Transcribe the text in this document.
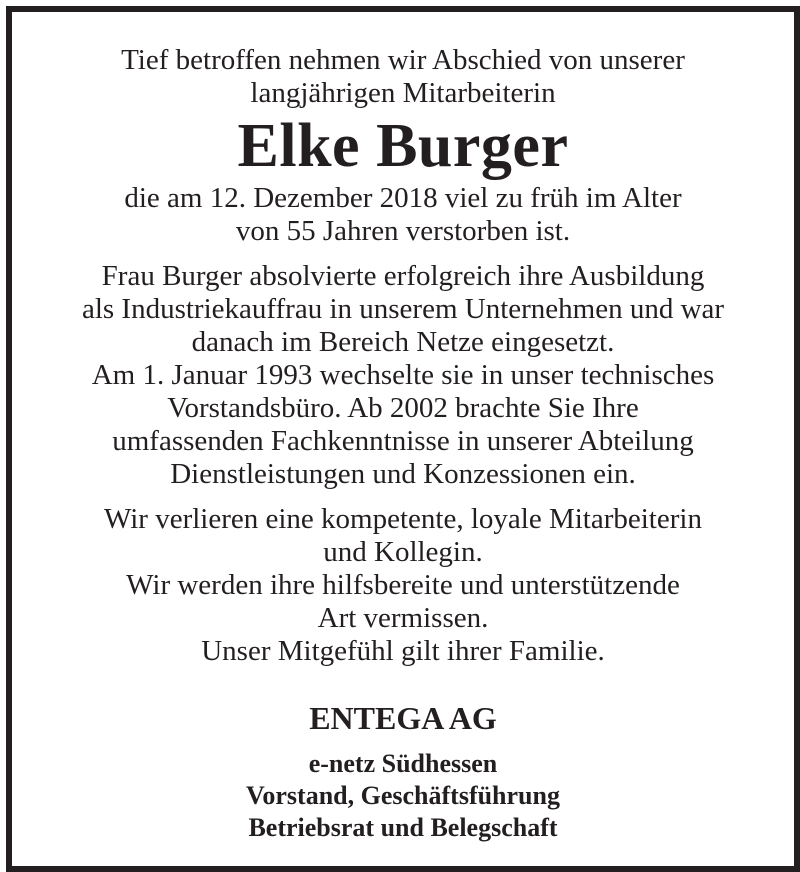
Tief betroffen nehmen wir Abschied von unserer
langjährigen Mitarbeiterin
Elke Burger
die am 12. Dezember 2018 viel zu früh im Alter
von 55 Jahren verstorben ist.
Frau Burger absolvierte erfolgreich ihre Ausbildung
als Industriekauffrau in unserem Unternehmen und war
danach im Bereich Netze eingesetzt.
Am 1. Januar 1993 wechselte sie in unser technisches
Vorstandsbüro. Ab 2002 brachte Sie Ihre
umfassenden Fachkenntnisse in unserer Abteilung
Dienstleistungen und Konzessionen ein.
Wir verlieren eine kompetente, loyale Mitarbeiterin
und Kollegin.
Wir werden ihre hilfsbereite und unterstützende
Art vermissen.
Unser Mitgefühl gilt ihrer Familie.
ENTEGA AG
e-netz Südhessen
Vorstand, Geschäftsführung
Betriebsrat und Belegschaft
